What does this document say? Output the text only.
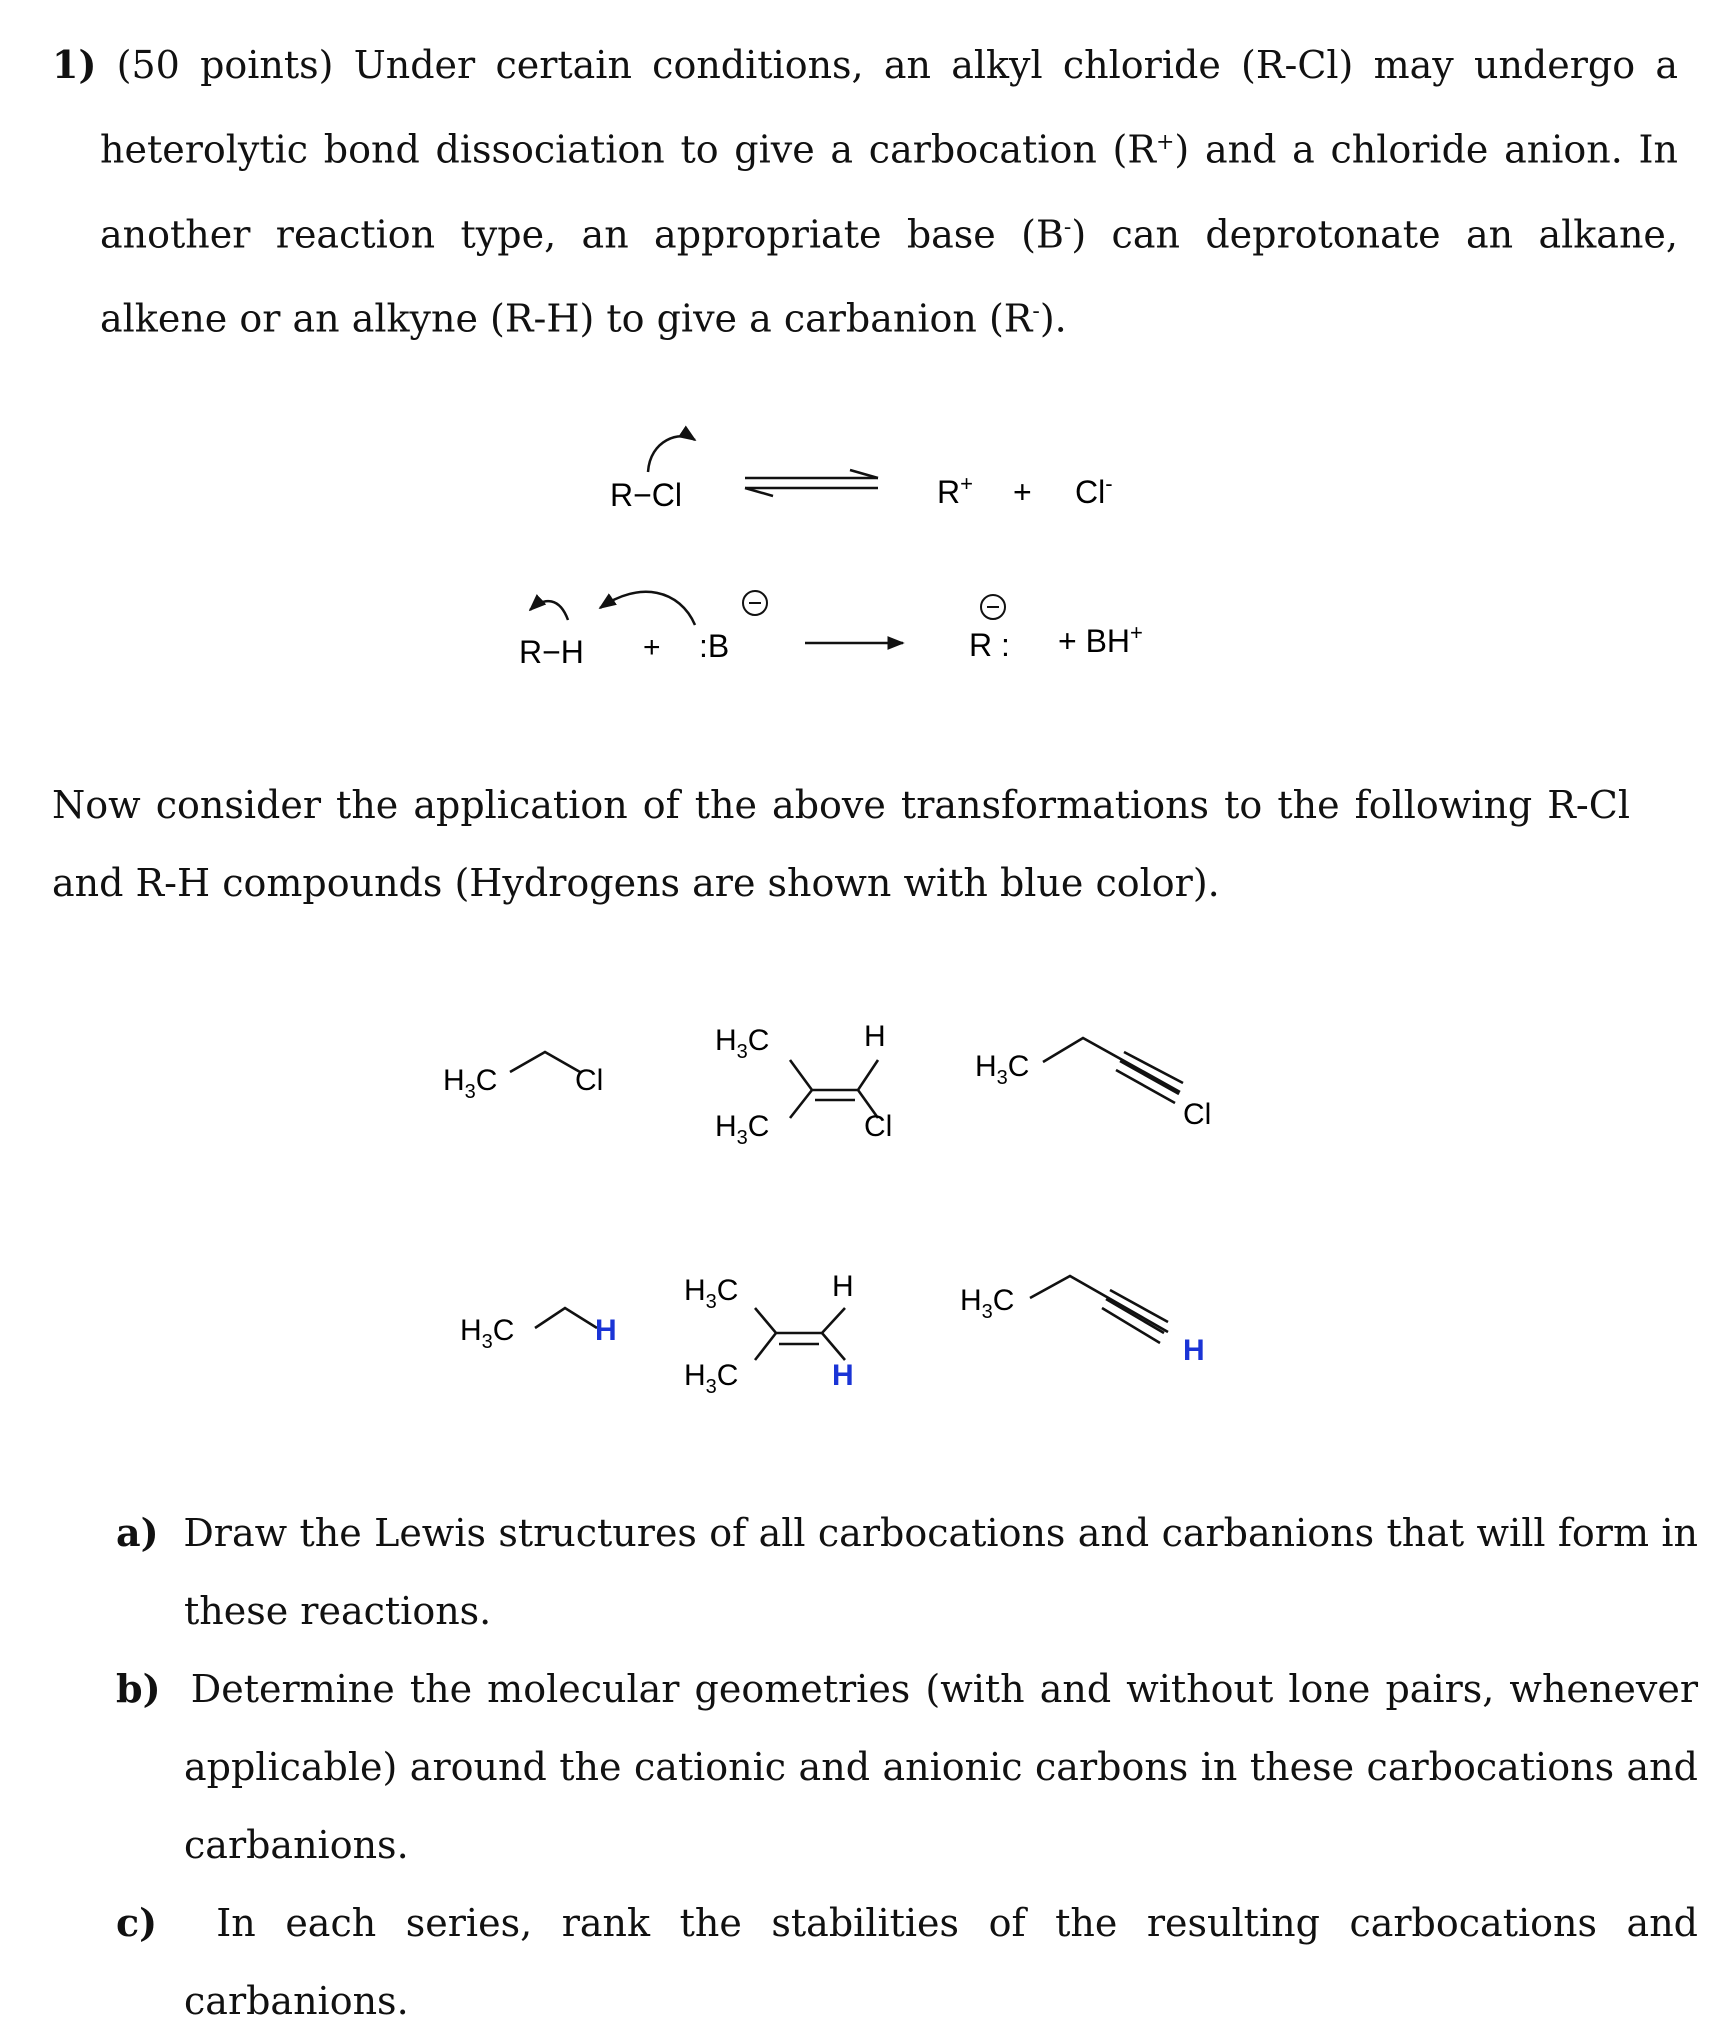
1) (50 points) Under certain conditions, an alkyl chloride (R-Cl) may undergo a heterolytic bond dissociation to give a carbocation (R+) and a chloride anion. In another reaction type, an appropriate base (B-) can deprotonate an alkane, alkene or an alkyne (R-H) to give a carbanion (R-).
R−Cl	R+ + Cl-
R−H + :B	R : + BH+
Now consider the application of the above transformations to the following R-Cl and R-H compounds (Hydrogens are shown with blue color).
$H_3C$	Cl
$H_3C$	H
$H_3C$	Cl
$H_3C$
Cl
$H_3C$	H
$H_3C$	H
$H_3C$	H
$H_3C$
H
a) Draw the Lewis structures of all carbocations and carbanions that will form in these reactions.
b) Determine the molecular geometries (with and without lone pairs, whenever applicable) around the cationic and anionic carbons in these carbocations and carbanions.
c) In each series, rank the stabilities of the resulting carbocations and carbanions.
